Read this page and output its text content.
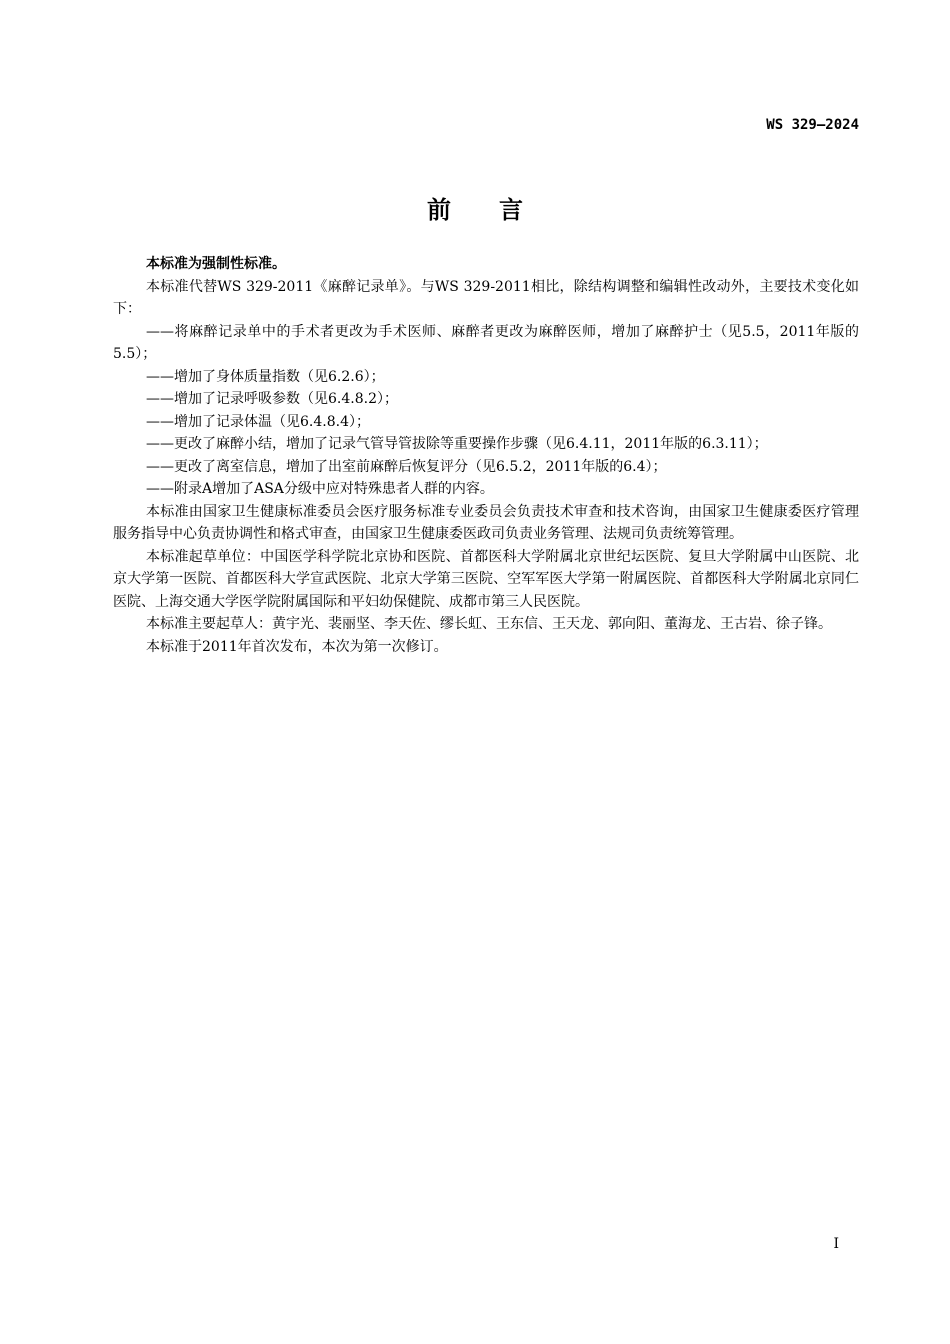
WS 329—2024
前言

本标准为强制性标准。

本标准代替WS 329-2011《麻醉记录单》。与WS 329-2011相比，除结构调整和编辑性改动外，主要技术变化如下：

——将麻醉记录单中的手术者更改为手术医师、麻醉者更改为麻醉医师，增加了麻醉护士（见5.5，2011年版的5.5）；

——增加了身体质量指数（见6.2.6）；

——增加了记录呼吸参数（见6.4.8.2）；

——增加了记录体温（见6.4.8.4）；

——更改了麻醉小结，增加了记录气管导管拔除等重要操作步骤（见6.4.11，2011年版的6.3.11）；

——更改了离室信息，增加了出室前麻醉后恢复评分（见6.5.2，2011年版的6.4）；

——附录A增加了ASA分级中应对特殊患者人群的内容。

本标准由国家卫生健康标准委员会医疗服务标准专业委员会负责技术审查和技术咨询，由国家卫生健康委医疗管理服务指导中心负责协调性和格式审查，由国家卫生健康委医政司负责业务管理、法规司负责统筹管理。

本标准起草单位：中国医学科学院北京协和医院、首都医科大学附属北京世纪坛医院、复旦大学附属中山医院、北京大学第一医院、首都医科大学宣武医院、北京大学第三医院、空军军医大学第一附属医院、首都医科大学附属北京同仁医院、上海交通大学医学院附属国际和平妇幼保健院、成都市第三人民医院。

本标准主要起草人：黄宇光、裴丽坚、李天佐、缪长虹、王东信、王天龙、郭向阳、董海龙、王古岩、徐子锋。

本标准于2011年首次发布，本次为第一次修订。

I
